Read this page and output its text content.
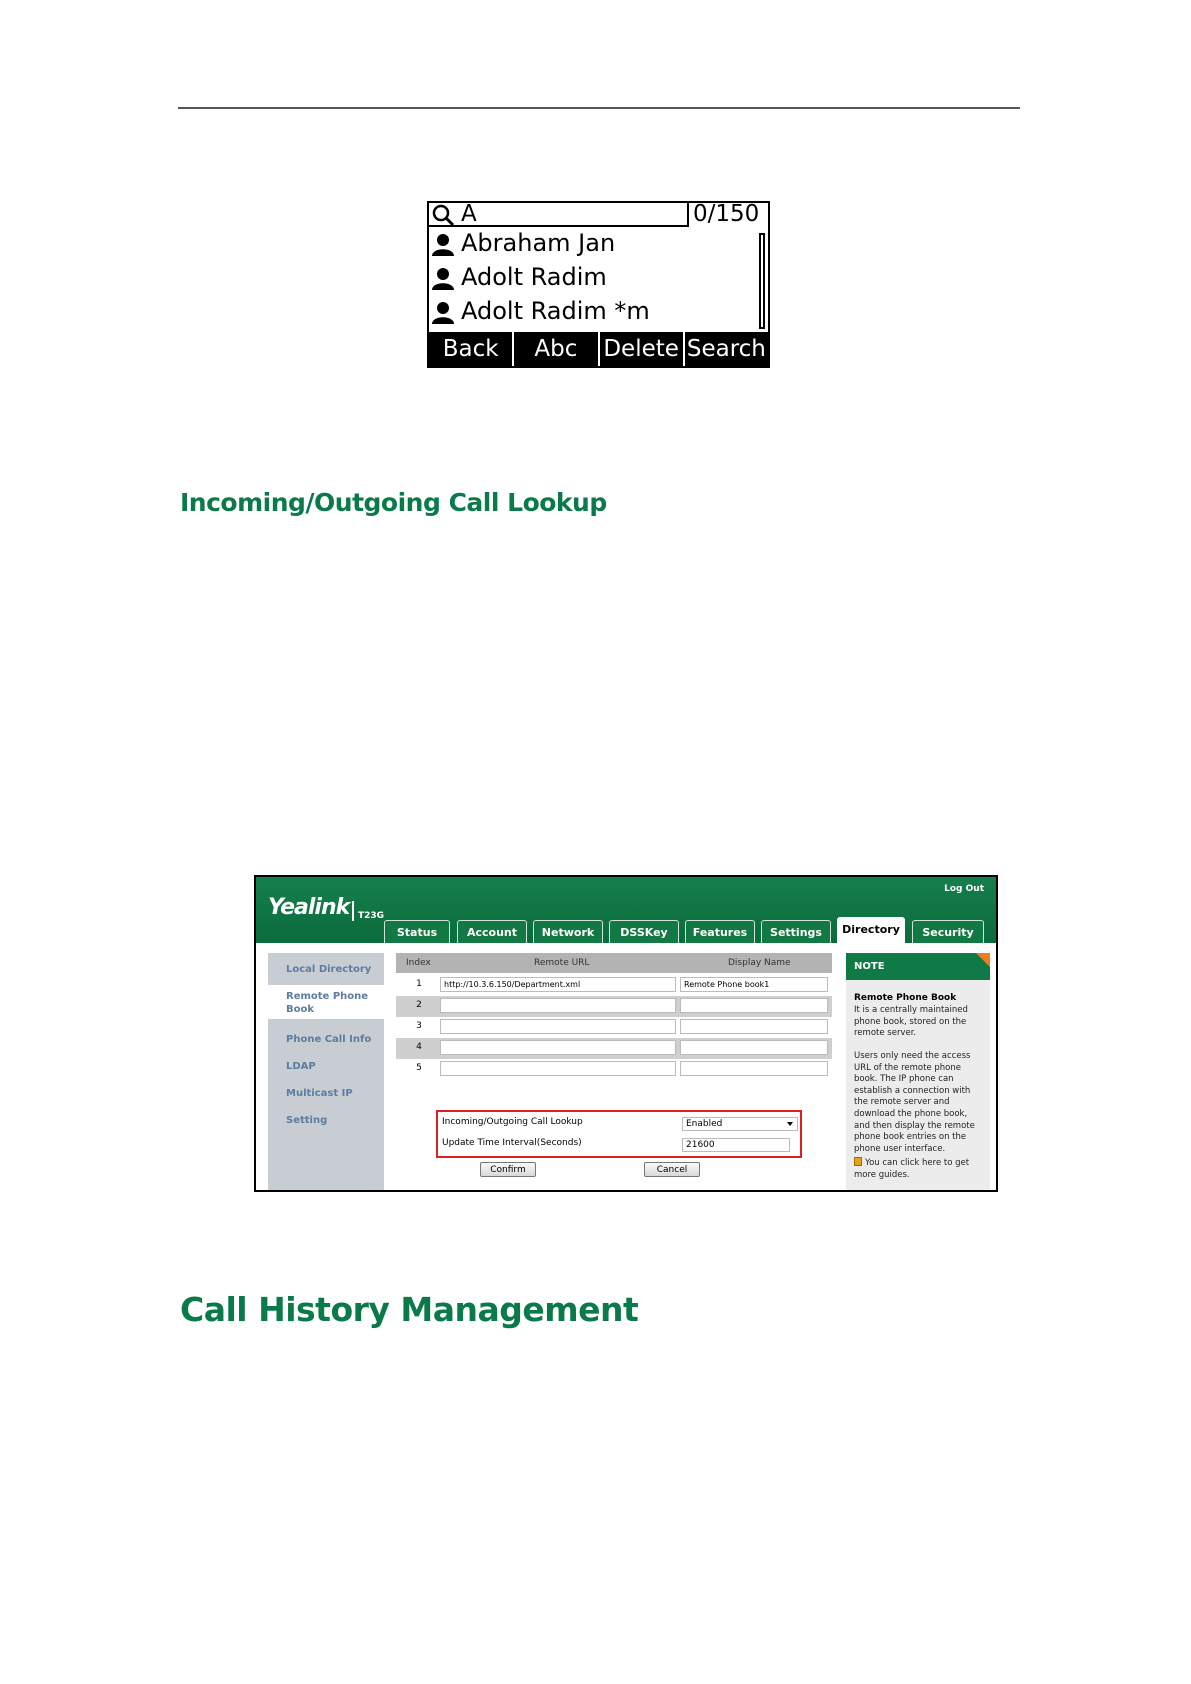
A	0/150
Abraham Jan
Adolt Radim
Adolt Radim *m
Back	Abc	Delete Search
Incoming/Outgoing Call Lookup
Yealink T23G
Log Out
Status	Account	Network	DSSKey	Features	Settings	Directory	Security
Local Directory
Remote Phone Book
Phone Call Info
LDAP
Multicast IP
Setting
Index	Remote URL	Display Name
1	http://10.3.6.150/Department.xml	Remote Phone book1
2
3
4
5
Incoming/Outgoing Call Lookup	Enabled
Update Time Interval(Seconds)	21600
Confirm	Cancel
NOTE
Remote Phone Book
It is a centrally maintained phone book, stored on the remote server.
Users only need the access URL of the remote phone book. The IP phone can establish a connection with the remote server and download the phone book, and then display the remote phone book entries on the phone user interface.
You can click here to get more guides.
Call History Management
